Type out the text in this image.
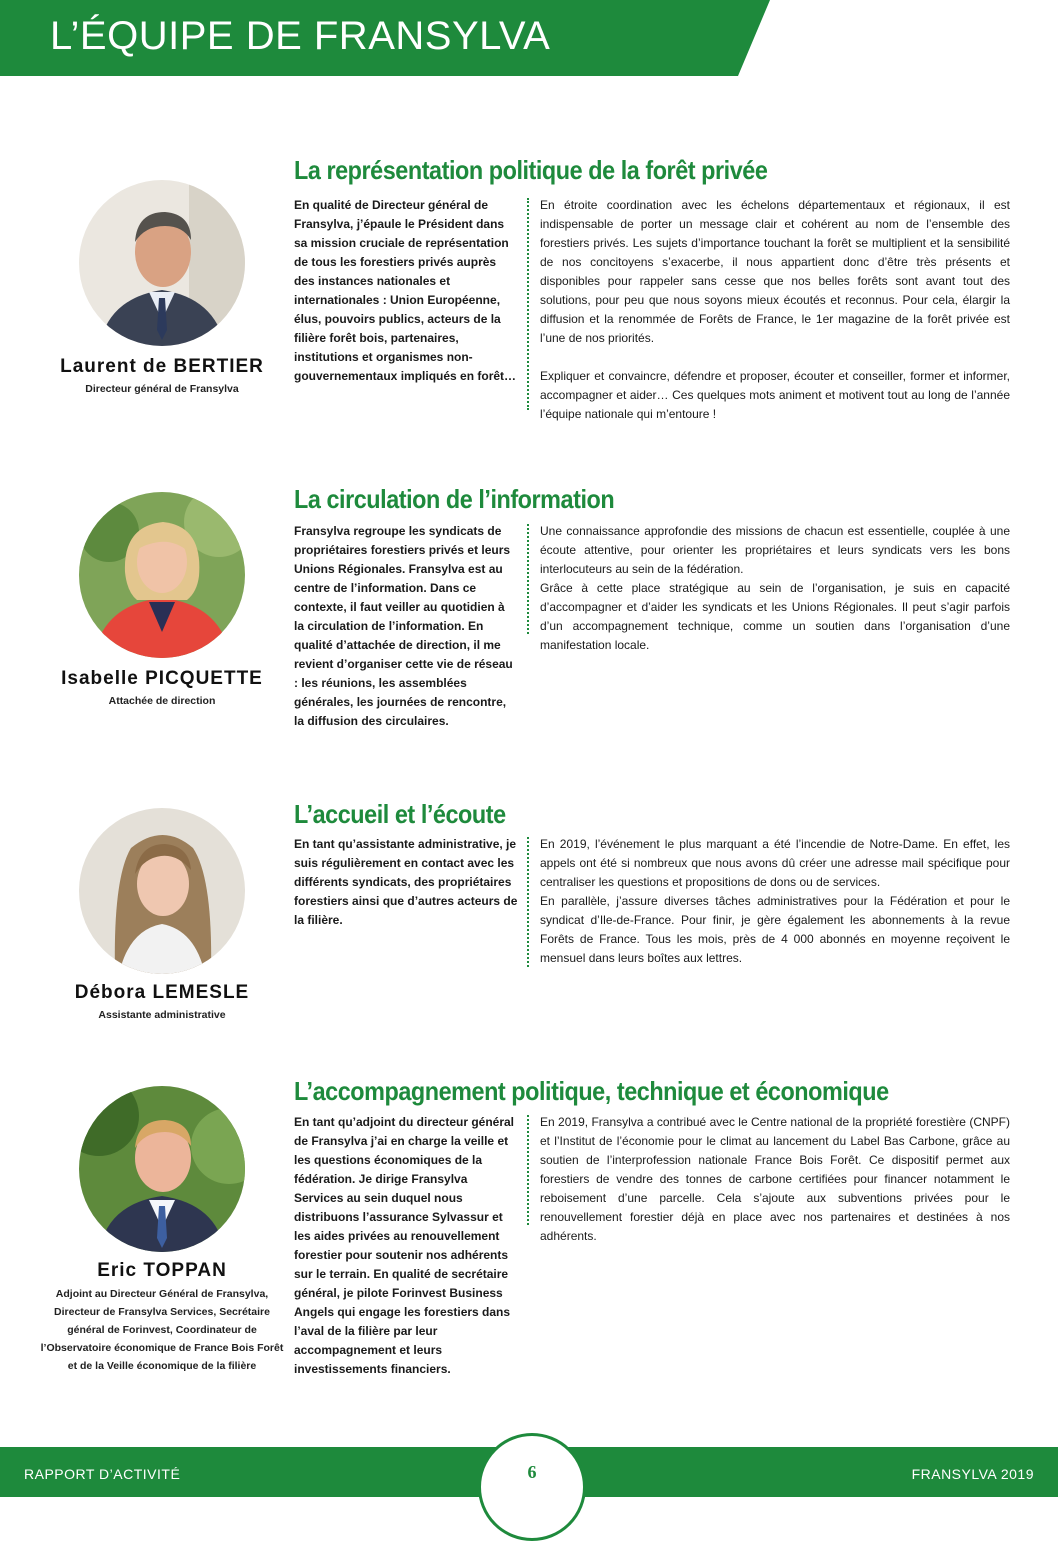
L’ÉQUIPE DE FRANSYLVA
La représentation politique de la forêt privée
Laurent de BERTIER
Directeur général de Fransylva
En qualité de Directeur général de Fransylva, j’épaule le Président dans sa mission cruciale de représentation de tous les forestiers privés auprès des instances nationales et internationales : Union Européenne, élus, pouvoirs publics, acteurs de la filière forêt bois, partenaires, institutions et organismes non-gouvernementaux impliqués en forêt…

En étroite coordination avec les échelons départementaux et régionaux, il est indispensable de porter un message clair et cohérent au nom de l’ensemble des forestiers privés. Les sujets d’importance touchant la forêt se multiplient et la sensibilité de nos concitoyens s’exacerbe, il nous appartient donc d’être très présents et disponibles pour rappeler sans cesse que nos belles forêts sont avant tout des solutions, pour peu que nous soyons mieux écoutés et reconnus. Pour cela, élargir la diffusion et la renommée de Forêts de France, le 1er magazine de la forêt privée est l’une de nos priorités.

Expliquer et convaincre, défendre et proposer, écouter et conseiller, former et informer, accompagner et aider… Ces quelques mots animent et motivent tout au long de l’année l’équipe nationale qui m’entoure !

La circulation de l’information
Isabelle PICQUETTE
Attachée de direction
Fransylva regroupe les syndicats de propriétaires forestiers privés et leurs Unions Régionales. Fransylva est au centre de l’information. Dans ce contexte, il faut veiller au quotidien à la circulation de l’information. En qualité d’attachée de direction, il me revient d’organiser cette vie de réseau : les réunions, les assemblées générales, les journées de rencontre, la diffusion des circulaires.

Une connaissance approfondie des missions de chacun est essentielle, couplée à une écoute attentive, pour orienter les propriétaires et leurs syndicats vers les bons interlocuteurs au sein de la fédération.

Grâce à cette place stratégique au sein de l’organisation, je suis en capacité d’accompagner et d’aider les syndicats et les Unions Régionales. Il peut s’agir parfois d’un accompagnement technique, comme un soutien dans l’organisation d’une manifestation locale.

L’accueil et l’écoute
Débora LEMESLE
Assistante administrative
En tant qu’assistante administrative, je suis régulièrement en contact avec les différents syndicats, des propriétaires forestiers ainsi que d’autres acteurs de la filière.

En 2019, l’événement le plus marquant a été l’incendie de Notre-Dame. En effet, les appels ont été si nombreux que nous avons dû créer une adresse mail spécifique pour centraliser les questions et propositions de dons ou de services.

En parallèle, j’assure diverses tâches administratives pour la Fédération et pour le syndicat d’Ile-de-France. Pour finir, je gère également les abonnements à la revue Forêts de France. Tous les mois, près de 4 000 abonnés en moyenne reçoivent le mensuel dans leurs boîtes aux lettres.

L’accompagnement politique, technique et économique
Eric TOPPAN
Adjoint au Directeur Général de Fransylva, Directeur de Fransylva Services, Secrétaire général de Forinvest, Coordinateur de l’Observatoire économique de France Bois Forêt et de la Veille économique de la filière
En tant qu’adjoint du directeur général de Fransylva j’ai en charge la veille et les questions économiques de la fédération. Je dirige Fransylva Services au sein duquel nous distribuons l’assurance Sylvassur et les aides privées au renouvellement forestier pour soutenir nos adhérents sur le terrain. En qualité de secrétaire général, je pilote Forinvest Business Angels qui engage les forestiers dans l’aval de la filière par leur accompagnement et leurs investissements financiers.

En 2019, Fransylva a contribué avec le Centre national de la propriété forestière (CNPF) et l’Institut de l’économie pour le climat au lancement du Label Bas Carbone, grâce au soutien de l’interprofession nationale France Bois Forêt. Ce dispositif permet aux forestiers de vendre des tonnes de carbone certifiées pour financer notamment le reboisement d’une parcelle. Cela s’ajoute aux subventions privées pour le renouvellement forestier déjà en place avec nos partenaires et destinées à nos adhérents.

6
RAPPORT D’ACTIVITÉ	FRANSYLVA 2019
